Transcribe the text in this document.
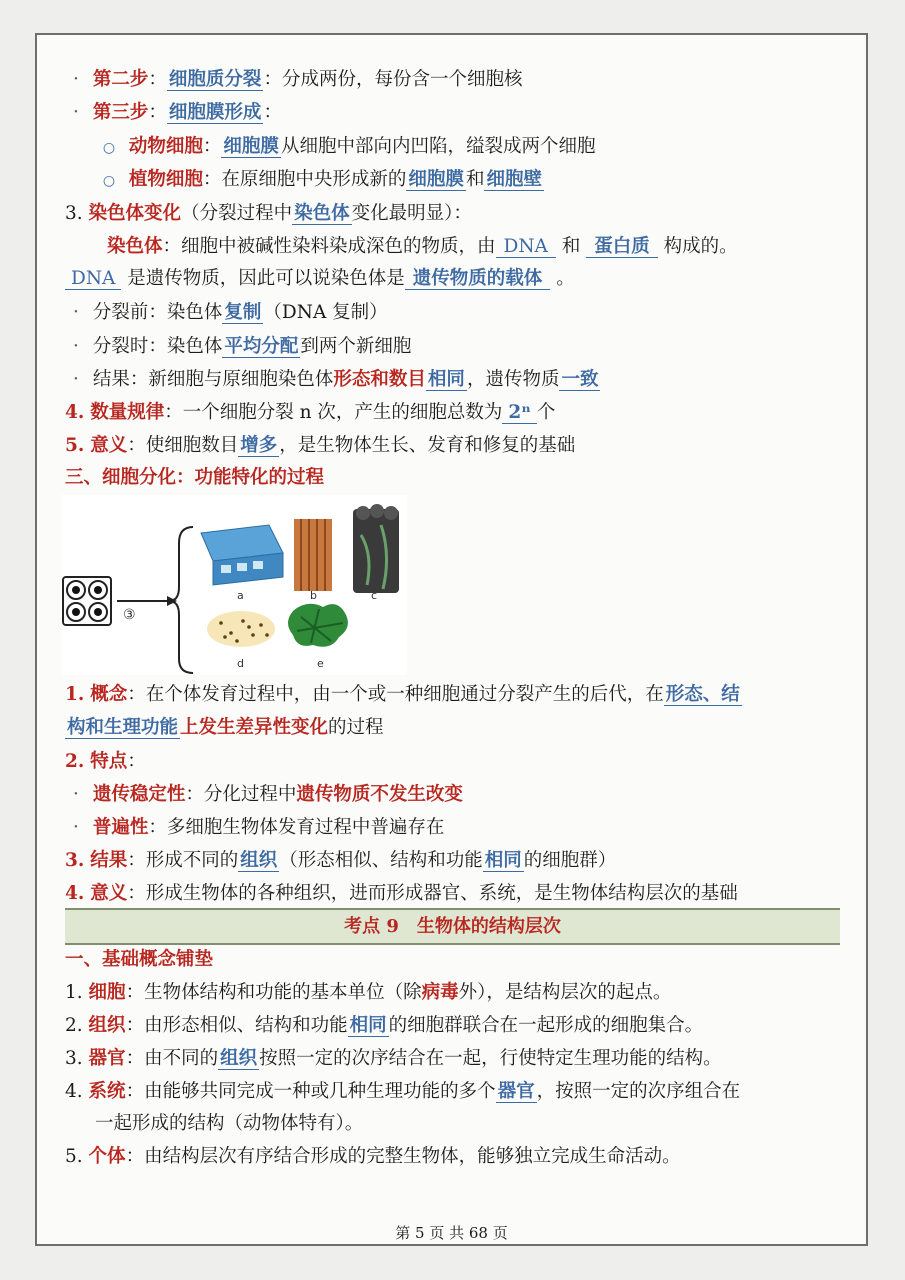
· 第二步： 细胞质分裂 ：分成两份，每份含一个细胞核
· 第三步： 细胞膜形成 ：
○ 动物细胞： 细胞膜 从细胞中部向内凹陷，缢裂成两个细胞
○ 植物细胞：在原细胞中央形成新的 细胞膜 和 细胞壁
3. 染色体变化（分裂过程中 染色体 变化最明显）：
染色体：细胞中被碱性染料染成深色的物质，由 DNA 和 蛋白质 构成的。
DNA 是遗传物质，因此可以说染色体是 遗传物质的载体 。
· 分裂前：染色体 复制 （DNA 复制）
· 分裂时：染色体 平均分配 到两个新细胞
· 结果：新细胞与原细胞染色体形态和数目 相同 ，遗传物质 一致
4. 数量规律：一个细胞分裂 n 次，产生的细胞总数为 2ⁿ 个
5. 意义：使细胞数目 增多 ，是生物体生长、发育和修复的基础
三、细胞分化：功能特化的过程
③
a	b	c
d	e
1. 概念：在个体发育过程中，由一个或一种细胞通过分裂产生的后代，在 形态、结
构和生理功能 上发生差异性变化的过程
2. 特点：
· 遗传稳定性：分化过程中遗传物质不发生改变
· 普遍性：多细胞生物体发育过程中普遍存在
3. 结果：形成不同的 组织 （形态相似、结构和功能 相同 的细胞群）
4. 意义：形成生物体的各种组织，进而形成器官、系统，是生物体结构层次的基础
考点 9　生物体的结构层次
一、基础概念铺垫
1. 细胞：生物体结构和功能的基本单位（除病毒外），是结构层次的起点。
2. 组织：由形态相似、结构和功能 相同 的细胞群联合在一起形成的细胞集合。
3. 器官：由不同的 组织 按照一定的次序结合在一起，行使特定生理功能的结构。
4. 系统：由能够共同完成一种或几种生理功能的多个 器官 ，按照一定的次序组合在
一起形成的结构（动物体特有）。
5. 个体：由结构层次有序结合形成的完整生物体，能够独立完成生命活动。
第 5 页 共 68 页
